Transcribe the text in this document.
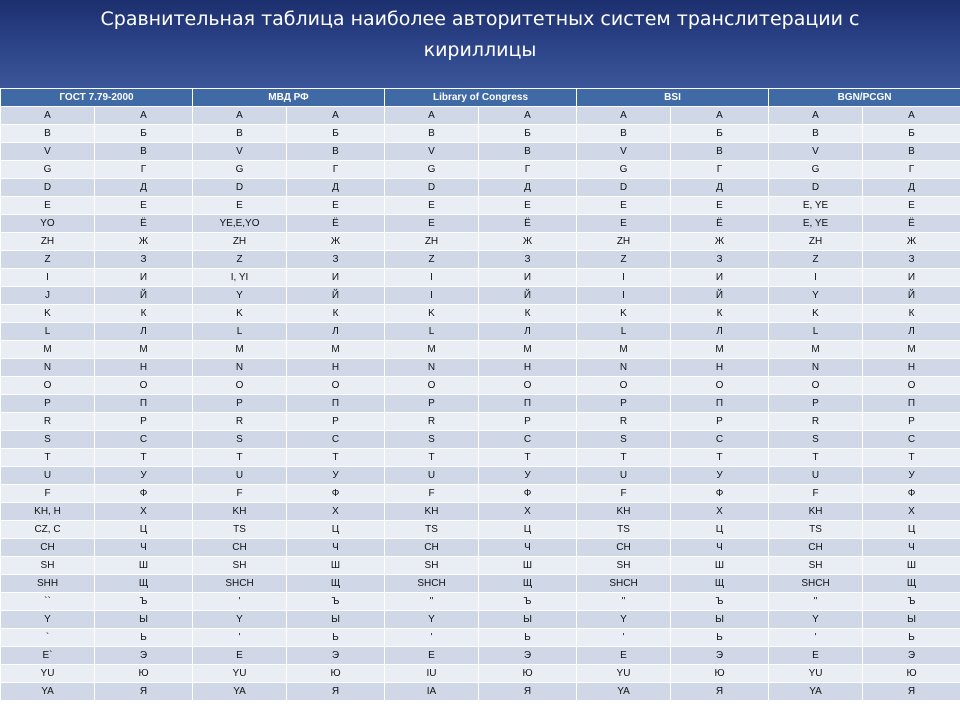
Сравнительная таблица наиболее авторитетных систем транслитерации с кириллицы
ГОСТ 7.79-2000		МВД РФ		Library of Congress		BSI		BGN/PCGN	
A	А	A	А	A	А	A	А	A	А
B	Б	B	Б	B	Б	B	Б	B	Б
V	В	V	В	V	В	V	В	V	В
G	Г	G	Г	G	Г	G	Г	G	Г
D	Д	D	Д	D	Д	D	Д	D	Д
E	Е	E	Е	E	Е	E	Е	E, YE	Е
YO	Ё	YE,E,YO	Ё	E	Ё	E	Ё	E, YE	Ё
ZH	Ж	ZH	Ж	ZH	Ж	ZH	Ж	ZH	Ж
Z	З	Z	З	Z	З	Z	З	Z	З
I	И	I, YI	И	I	И	I	И	I	И
J	Й	Y	Й	I	Й	I	Й	Y	Й
K	К	K	К	K	К	K	К	K	К
L	Л	L	Л	L	Л	L	Л	L	Л
M	М	M	М	M	М	M	М	M	М
N	Н	N	Н	N	Н	N	Н	N	Н
O	О	O	О	O	О	O	О	O	О
P	П	P	П	P	П	P	П	P	П
R	Р	R	Р	R	Р	R	Р	R	Р
S	С	S	С	S	С	S	С	S	С
T	Т	T	Т	T	Т	T	Т	T	Т
U	У	U	У	U	У	U	У	U	У
F	Ф	F	Ф	F	Ф	F	Ф	F	Ф
KH, H	Х	KH	Х	KH	Х	KH	Х	KH	Х
CZ, C	Ц	TS	Ц	TS	Ц	TS	Ц	TS	Ц
CH	Ч	CH	Ч	CH	Ч	CH	Ч	CH	Ч
SH	Ш	SH	Ш	SH	Ш	SH	Ш	SH	Ш
SHH	Щ	SHCH	Щ	SHCH	Щ	SHCH	Щ	SHCH	Щ
``	Ъ	'	Ъ	"	Ъ	"	Ъ	"	Ъ
Y	Ы	Y	Ы	Y	Ы	Y	Ы	Y	Ы
`	Ь	'	Ь	'	Ь	'	Ь	'	Ь
E`	Э	E	Э	E	Э	E	Э	E	Э
YU	Ю	YU	Ю	IU	Ю	YU	Ю	YU	Ю
YA	Я	YA	Я	IA	Я	YA	Я	YA	Я
